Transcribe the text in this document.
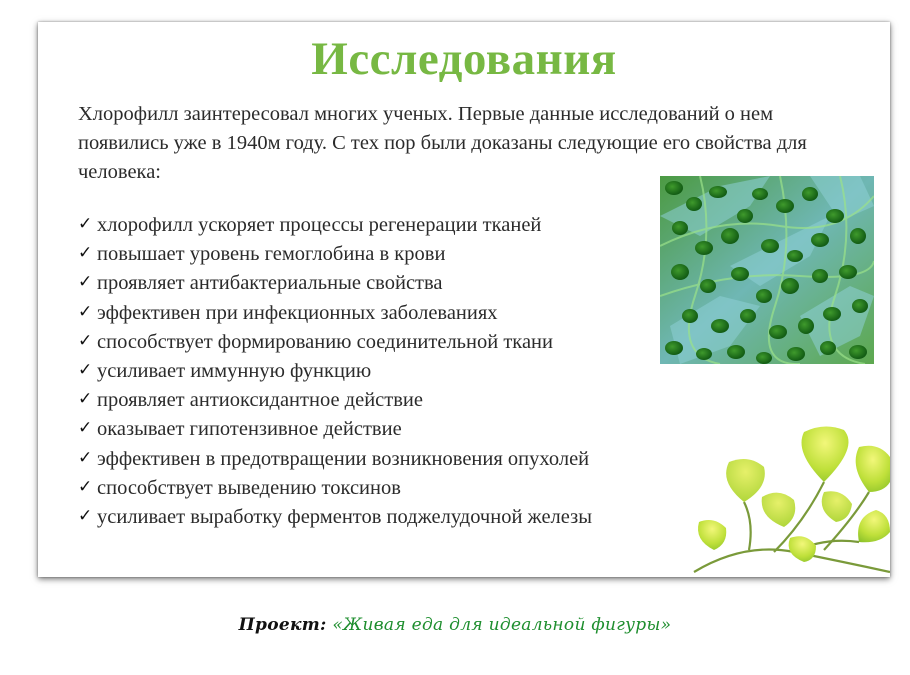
Исследования
Хлорофилл заинтересовал многих ученых. Первые данные исследований о нем появились уже в 1940м году. С тех пор были доказаны следующие его свойства для человека:
✓ хлорофилл ускоряет процессы регенерации тканей
✓ повышает уровень гемоглобина в крови
✓ проявляет антибактериальные свойства
✓ эффективен при инфекционных заболеваниях
✓ способствует формированию соединительной ткани
✓ усиливает иммунную функцию
✓ проявляет антиоксидантное действие
✓ оказывает гипотензивное действие
✓ эффективен в предотвращении возникновения опухолей
✓ способствует выведению токсинов
✓ усиливает выработку ферментов поджелудочной железы
Проект: «Живая еда для идеальной фигуры»
